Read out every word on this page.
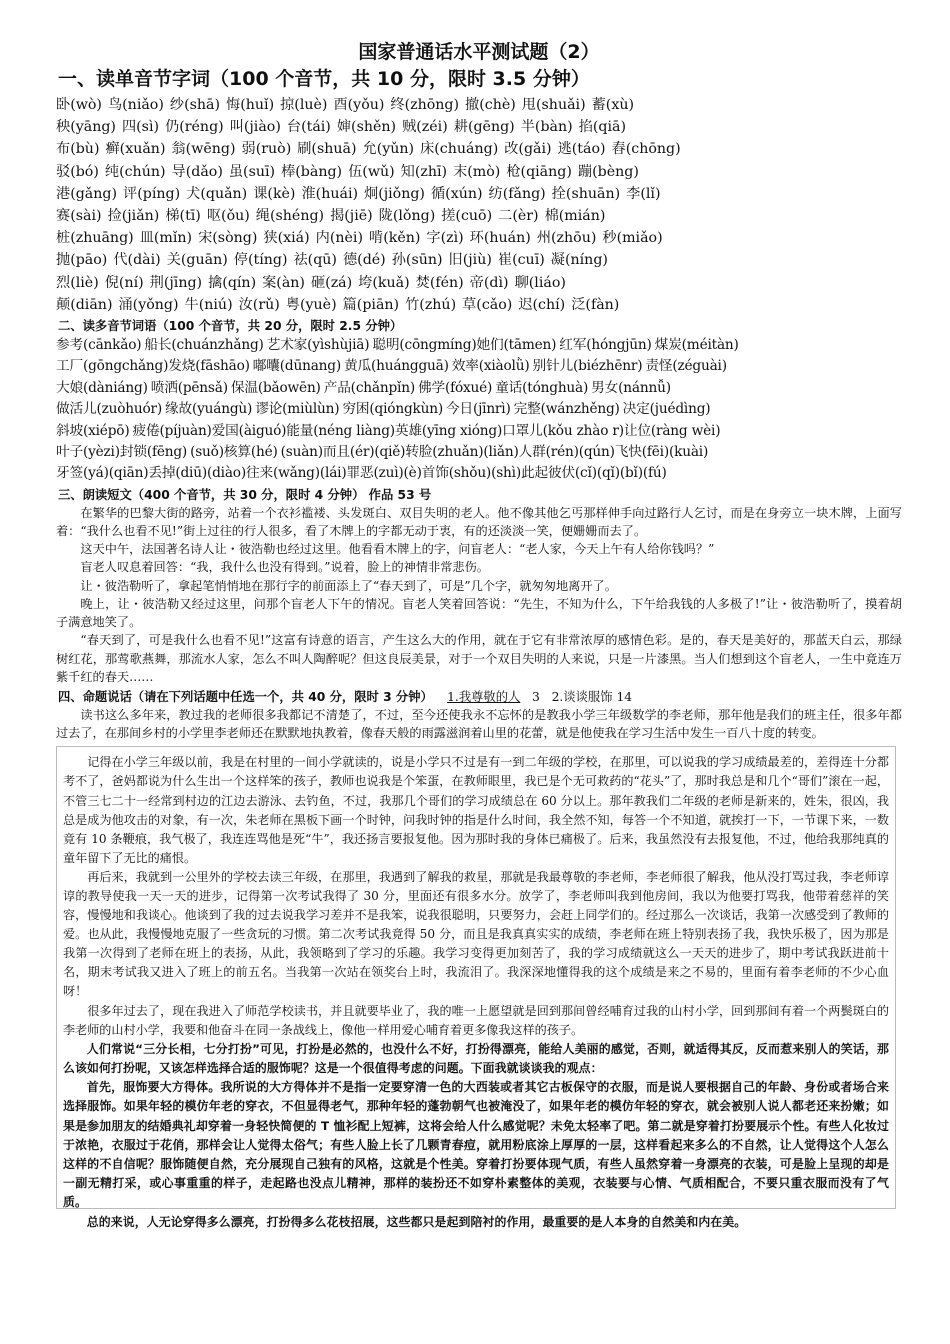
国家普通话水平测试题（2）
一、读单音节字词（100 个音节，共 10 分，限时 3.5 分钟）
卧(wò) 鸟(niǎo) 纱(shā) 悔(huǐ) 掠(luè) 酉(yǒu) 终(zhōng) 撤(chè) 甩(shuǎi) 蓄(xù)
秧(yāng) 四(sì) 仍(réng) 叫(jiào) 台(tái) 婶(shěn) 贼(zéi) 耕(gēng) 半(bàn) 掐(qiā)
布(bù) 癣(xuǎn) 翁(wēng) 弱(ruò) 刷(shuā) 允(yǔn) 床(chuáng) 改(gǎi) 逃(táo) 舂(chōng)
驳(bó) 纯(chún) 导(dǎo) 虽(suī) 棒(bàng) 伍(wǔ) 知(zhī) 末(mò) 枪(qiāng) 蹦(bèng)
港(gǎng) 评(píng) 犬(quǎn) 课(kè) 淮(huái) 炯(jiǒng) 循(xún) 纺(fǎng) 拴(shuān) 李(lǐ)
赛(sài) 捡(jiǎn) 梯(tī) 呕(ǒu) 绳(shéng) 揭(jiē) 陇(lǒng) 搓(cuō) 二(èr) 棉(mián)
桩(zhuāng) 皿(mǐn) 宋(sòng) 狭(xiá) 内(nèi) 啃(kěn) 字(zì) 环(huán) 州(zhōu) 秒(miǎo)
抛(pāo) 代(dài) 关(guān) 停(tíng) 祛(qū) 德(dé) 孙(sūn) 旧(jiù) 崔(cuī) 凝(níng)
烈(liè) 倪(ní) 荆(jīng) 擒(qín) 案(àn) 砸(zá) 垮(kuǎ) 焚(fén) 帝(dì) 聊(liáo)
颠(diān) 涌(yǒng) 牛(niú) 汝(rǔ) 粤(yuè) 篇(piān) 竹(zhú) 草(cǎo) 迟(chí) 泛(fàn)
二、读多音节词语（100 个音节，共 20 分，限时 2.5 分钟）
参考(cānkǎo) 船长(chuánzhǎng) 艺术家(yìshùjiā) 聪明(cōngmíng)她们(tāmen) 红军(hóngjūn) 煤炭(méitàn)
工厂(gōngchǎng)发烧(fāshāo) 嘟囔(dūnang) 黄瓜(huángguā) 效率(xiàolǜ) 别针儿(biézhēnr) 责怪(zéguài)
大娘(dàniáng) 喷洒(pēnsǎ) 保温(bǎowēn) 产品(chǎnpǐn) 佛学(fóxué) 童话(tónghuà) 男女(nánnǚ)
做活儿(zuòhuór) 缘故(yuángù) 谬论(miùlùn) 穷困(qióngkùn) 今日(jīnrì) 完整(wánzhěng) 决定(juédìng)
斜坡(xiépō) 疲倦(píjuàn)爱国(àiguó)能量(néng liàng)英雄(yīng xióng)口罩儿(kǒu zhào r)让位(ràng wèi)
叶子(yèzi)封锁(fēng) (suǒ)核算(hé) (suàn)而且(ér)(qiě)转脸(zhuǎn)(liǎn)人群(rén)(qún)飞快(fēi)(kuài)
牙签(yá)(qiān)丢掉(diū)(diào)往来(wǎng)(lái)罪恶(zuì)(è)首饰(shǒu)(shì)此起彼伏(cǐ)(qǐ)(bǐ)(fú)
三、朗读短文（400 个音节，共 30 分，限时 4 分钟） 作品 53 号

在繁华的巴黎大街的路旁，站着一个衣衫褴褛、头发斑白、双目失明的老人。他不像其他乞丐那样伸手向过路行人乞讨，而是在身旁立一块木牌，上面写着：“我什么也看不见!”街上过往的行人很多，看了木牌上的字都无动于衷，有的还淡淡一笑，便姗姗而去了。

这天中午，法国著名诗人让・彼浩勒也经过这里。他看看木牌上的字，问盲老人：“老人家，今天上午有人给你钱吗？”

盲老人叹息着回答：“我，我什么也没有得到。”说着，脸上的神情非常悲伤。

让・彼浩勒听了，拿起笔悄悄地在那行字的前面添上了“春天到了，可是”几个字，就匆匆地离开了。

晚上，让・彼浩勒又经过这里，问那个盲老人下午的情况。盲老人笑着回答说：“先生，不知为什么，下午给我钱的人多极了!”让・彼浩勒听了，摸着胡子满意地笑了。

“春天到了，可是我什么也看不见!”这富有诗意的语言，产生这么大的作用，就在于它有非常浓厚的感情色彩。是的，春天是美好的，那蓝天白云，那绿树红花，那莺歌燕舞，那流水人家，怎么不叫人陶醉呢？但这良辰美景，对于一个双目失明的人来说，只是一片漆黑。当人们想到这个盲老人，一生中竟连万紫千红的春天……

四、命题说话（请在下列话题中任选一个，共 40 分，限时 3 分钟） 1.我尊敬的人 3 2.谈谈服饰 14

读书这么多年来，教过我的老师很多我都记不清楚了，不过，至今还使我永不忘怀的是教我小学三年级数学的李老师，那年他是我们的班主任，很多年都过去了，在那间乡村的小学里李老师还在默默地执教着，像春天般的雨露滋润着山里的花蕾，就是他使我在学习生活中发生一百八十度的转变。

记得在小学三年级以前，我是在村里的一间小学就读的，说是小学只不过是有一到二年级的学校，在那里，可以说我的学习成绩最差的，差得连十分都考不了，爸妈都说为什么生出一个这样笨的孩子，教师也说我是个笨蛋，在教师眼里，我已是个无可救药的“花头”了，那时我总是和几个“哥们”滚在一起，不管三七二十一经常到村边的江边去游泳、去钓鱼，不过，我那几个哥们的学习成绩总在 60 分以上。那年教我们二年级的老师是新来的，姓朱，很凶，我总是成为他攻击的对象，有一次，朱老师在黑板下画一个时钟，问我时钟的指是什么时间，我全然不知，每答一个不知道，就挨打一下，一节课下来，一数竟有 10 条鞭痕，我气极了，我连连骂他是死“牛”，我还扬言要报复他。因为那时我的身体已痛极了。后来，我虽然没有去报复他，不过，他给我那纯真的童年留下了无比的痛恨。

再后来，我就到一公里外的学校去读三年级，在那里，我遇到了解我的救星，那就是我最尊敬的李老师，李老师很了解我，他从没打骂过我，李老师谆谆的教导使我一天一天的进步，记得第一次考试我得了 30 分，里面还有很多水分。放学了，李老师叫我到他房间，我以为他要打骂我，他带着慈祥的笑容，慢慢地和我谈心。他谈到了我的过去说我学习差并不是我笨，说我很聪明，只要努力，会赶上同学们的。经过那么一次谈话，我第一次感受到了教师的爱。也从此，我慢慢地克服了一些贪玩的习惯。第二次考试我竟得 50 分，而且是我真真实实的成绩，李老师在班上特别表扬了我，我快乐极了，因为那是我第一次得到了老师在班上的表扬，从此，我领略到了学习的乐趣。我学习变得更加刻苦了，我的学习成绩就这么一天天的进步了，期中考试我跃进前十名，期末考试我又进入了班上的前五名。当我第一次站在领奖台上时，我流泪了。我深深地懂得我的这个成绩是来之不易的，里面有着李老师的不少心血呀！

很多年过去了，现在我进入了师范学校读书，并且就要毕业了，我的唯一上愿望就是回到那间曾经哺育过我的山村小学，回到那间有着一个两鬓斑白的李老师的山村小学，我要和他奋斗在同一条战线上，像他一样用爱心哺育着更多像我这样的孩子。

人们常说“三分长相，七分打扮”可见，打扮是必然的，也没什么不好，打扮得漂亮，能给人美丽的感觉，否则，就适得其反，反而惹来别人的笑话，那么该如何打扮呢，又该怎样选择合适的服饰呢？这是一个很值得考虑的问题。下面我就谈谈我的观点：

首先，服饰要大方得体。我所说的大方得体并不是指一定要穿清一色的大西装或者其它古板保守的衣服，而是说人要根据自己的年龄、身份或者场合来选择服饰。如果年轻的模仿年老的穿衣，不但显得老气，那种年轻的蓬勃朝气也被淹没了，如果年老的模仿年轻的穿衣，就会被别人说人都老还来扮嫩；如果是参加朋友的结婚典礼却穿着一身轻快简便的 T 恤衫配上短裤，这将会给人什么感觉呢？未免太轻率了吧。第二就是穿着打扮要展示个性。有些人化妆过于浓艳，衣服过于花俏，那样会让人觉得太俗气；有些人脸上长了几颗青春痘，就用粉底涂上厚厚的一层，这样看起来多么的不自然，让人觉得这个人怎么这样的不自信呢？服饰随便自然，充分展现自己独有的风格，这就是个性美。穿着打扮要体现气质，有些人虽然穿着一身漂亮的衣装，可是脸上呈现的却是一副无精打采，或心事重重的样子，走起路也没点儿精神，那样的装扮还不如穿朴素整体的美观，衣装要与心情、气质相配合，不要只重衣服而没有了气质。

总的来说，人无论穿得多么漂亮，打扮得多么花枝招展，这些都只是起到陪衬的作用，最重要的是人本身的自然美和内在美。
